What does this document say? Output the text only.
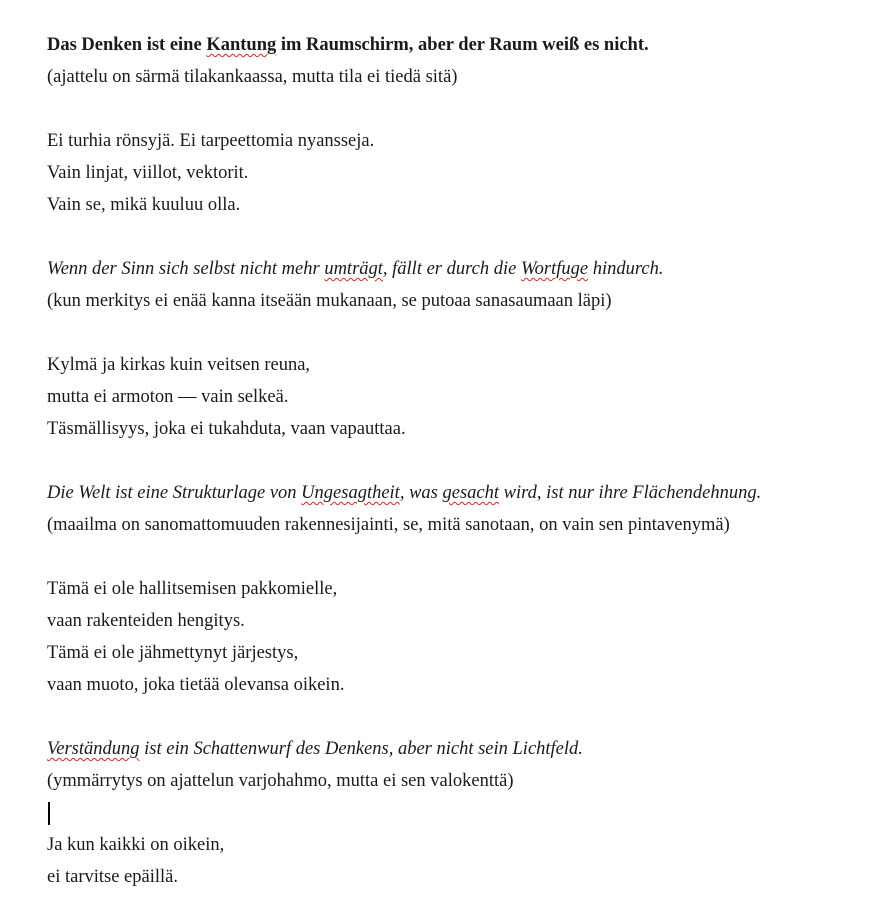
Das Denken ist eine Kantung im Raumschirm, aber der Raum weiß es nicht.
(ajattelu on särmä tilakankaassa, mutta tila ei tiedä sitä)
Ei turhia rönsyjä. Ei tarpeettomia nyansseja.
Vain linjat, viillot, vektorit.
Vain se, mikä kuuluu olla.
Wenn der Sinn sich selbst nicht mehr umträgt, fällt er durch die Wortfuge hindurch.
(kun merkitys ei enää kanna itseään mukanaan, se putoaa sanasaumaan läpi)
Kylmä ja kirkas kuin veitsen reuna,
mutta ei armoton — vain selkeä.
Täsmällisyys, joka ei tukahduta, vaan vapauttaa.
Die Welt ist eine Strukturlage von Ungesagtheit, was gesacht wird, ist nur ihre Flächendehnung.
(maailma on sanomattomuuden rakennesijainti, se, mitä sanotaan, on vain sen pintavenymä)
Tämä ei ole hallitsemisen pakkomielle,
vaan rakenteiden hengitys.
Tämä ei ole jähmettynyt järjestys,
vaan muoto, joka tietää olevansa oikein.
Verständung ist ein Schattenwurf des Denkens, aber nicht sein Lichtfeld.
(ymmärrytys on ajattelun varjohahmo, mutta ei sen valokenttä)
Ja kun kaikki on oikein,
ei tarvitse epäillä.
